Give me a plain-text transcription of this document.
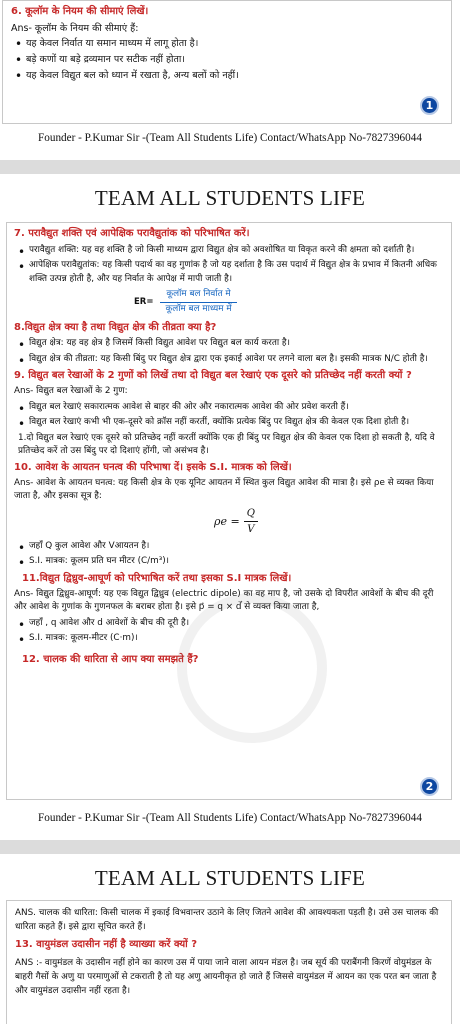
6. कूलॉम के नियम की सीमाएं लिखें।
Ans- कूलॉम के नियम की सीमाएं हैं:
• यह केवल निर्वात या समान माध्यम में लागू होता है।
• बड़े कणों या बड़े द्रव्यमान पर सटीक नहीं होता।
• यह केवल विद्युत बल को ध्यान में रखता है, अन्य बलों को नहीं।
1
Founder - P.Kumar Sir -(Team All Students Life) Contact/WhatsApp No-7827396044
TEAM ALL STUDENTS LIFE
7. परावैद्युत शक्ति एवं आपेक्षिक परावैद्युतांक को परिभाषित करें।
• परावैद्युत शक्ति: यह वह शक्ति है जो किसी माध्यम द्वारा विद्युत क्षेत्र को अवशोषित या विकृत करने की क्षमता को दर्शाती है।
• आपेक्षिक परावैद्युतांक: यह किसी पदार्थ का वह गुणांक है जो यह दर्शाता है कि उस पदार्थ में विद्युत क्षेत्र के प्रभाव में कितनी अधिक शक्ति उत्पन्न होती है, और यह निर्वात के आपेक्ष में मापी जाती है।
$ER= \frac{\text{कूलॉम बल निर्वात मे}}{\text{कूलॉम बल माध्यम में}}$
8.विद्युत क्षेत्र क्या है तथा विद्युत क्षेत्र की तीव्रता क्या है?
• विद्युत क्षेत्र: यह वह क्षेत्र है जिसमें किसी विद्युत आवेश पर विद्युत बल कार्य करता है।
• विद्युत क्षेत्र की तीव्रता: यह किसी बिंदु पर विद्युत क्षेत्र द्वारा एक इकाई आवेश पर लगने वाला बल है। इसकी मात्रक N/C होती है।
9. विद्युत बल रेखाओं के 2 गुणों को लिखें तथा दो विद्युत बल रेखाएं एक दूसरे को प्रतिच्छेद नहीं करती क्यों ?
Ans- विद्युत बल रेखाओं के 2 गुण:
• विद्युत बल रेखाएं सकारात्मक आवेश से बाहर की ओर और नकारात्मक आवेश की ओर प्रवेश करती हैं।
• विद्युत बल रेखाएं कभी भी एक-दूसरे को क्रॉस नहीं करतीं, क्योंकि प्रत्येक बिंदु पर विद्युत क्षेत्र की केवल एक दिशा होती है।
1.दो विद्युत बल रेखाएं एक दूसरे को प्रतिच्छेद नहीं करतीं क्योंकि एक ही बिंदु पर विद्युत क्षेत्र की केवल एक दिशा हो सकती है, यदि वे प्रतिच्छेद करें तो उस बिंदु पर दो दिशाएं होंगी, जो असंभव है।
10. आवेश के आयतन घनत्व की परिभाषा दें। इसके S.I. मात्रक को लिखें।
Ans- आवेश के आयतन घनत्व: यह किसी क्षेत्र के एक यूनिट आयतन में स्थित कुल विद्युत आवेश की मात्रा है। इसे ρe से व्यक्त किया जाता है, और इसका सूत्र है:
$\rho e = \frac{Q}{V}$
• जहाँ Q कुल आवेश और Vआयतन है।
• S.I. मात्रक: कूलम प्रति घन मीटर (C/m³)।
11.विद्युत द्विध्रुव-आघूर्ण को परिभाषित करें तथा इसका S.I मात्रक लिखें।
Ans- विद्युत द्विध्रुव-आघूर्ण: यह एक विद्युत द्विध्रुव (electric dipole) का वह माप है, जो उसके दो विपरीत आवेशों के बीच की दूरी और आवेश के गुणांक के गुणनफल के बराबर होता है। इसे p⃗ = q × d⃗ से व्यक्त किया जाता है,
• जहाँ , q आवेश और d आवेशों के बीच की दूरी है।
• S.I. मात्रक: कूलम-मीटर (C·m)।
12. चालक की धारिता से आप क्या समझते हैं?
2
Founder - P.Kumar Sir -(Team All Students Life) Contact/WhatsApp No-7827396044
TEAM ALL STUDENTS LIFE
ANS. चालक की धारिता: किसी चालक में इकाई विभवान्तर उठाने के लिए जितने आवेश की आवश्यकता पड़ती है। उसे उस चालक की धारिता कहते हैं। इसे द्वारा सूचित करते हैं।
13. वायुमंडल उदासीन नहीं है व्याख्या करें क्यों ?
ANS :- वायुमंडल के उदासीन नहीं होने का कारण उस में पाया जाने वाला आयन मंडल है। जब सूर्य की पराबैंगनी किरणें वोयुमंडल के बाहरी गैसों के अणु या परमाणुओं से टकराती है तो यह अणु आयनीकृत हो जाते हैं जिससे वायुमंडल में आयन का एक परत बन जाता है और वायुमंडल उदासीन नहीं रहता है।
